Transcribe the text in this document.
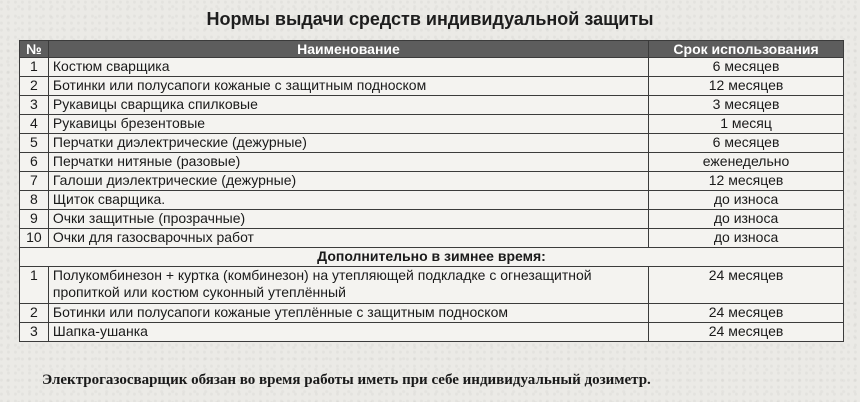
Нормы выдачи средств индивидуальной защиты
№	Наименование	Срок использования
1	Костюм сварщика	6 месяцев
2	Ботинки или полусапоги кожаные с защитным подноском	12 месяцев
3	Рукавицы сварщика спилковые	3 месяцев
4	Рукавицы брезентовые	1 месяц
5	Перчатки диэлектрические (дежурные)	6 месяцев
6	Перчатки нитяные (разовые)	еженедельно
7	Галоши диэлектрические (дежурные)	12 месяцев
8	Щиток сварщика.	до износа
9	Очки защитные (прозрачные)	до износа
10	Очки для газосварочных работ	до износа
Дополнительно в зимнее время:		
1	Полукомбинезон + куртка (комбинезон) на утепляющей подкладке с огнезащитной пропиткой или костюм суконный утеплённый	24 месяцев
2	Ботинки или полусапоги кожаные утеплённые с защитным подноском	24 месяцев
3	Шапка-ушанка	24 месяцев
Электрогазосварщик обязан во время работы иметь при себе индивидуальный дозиметр.
